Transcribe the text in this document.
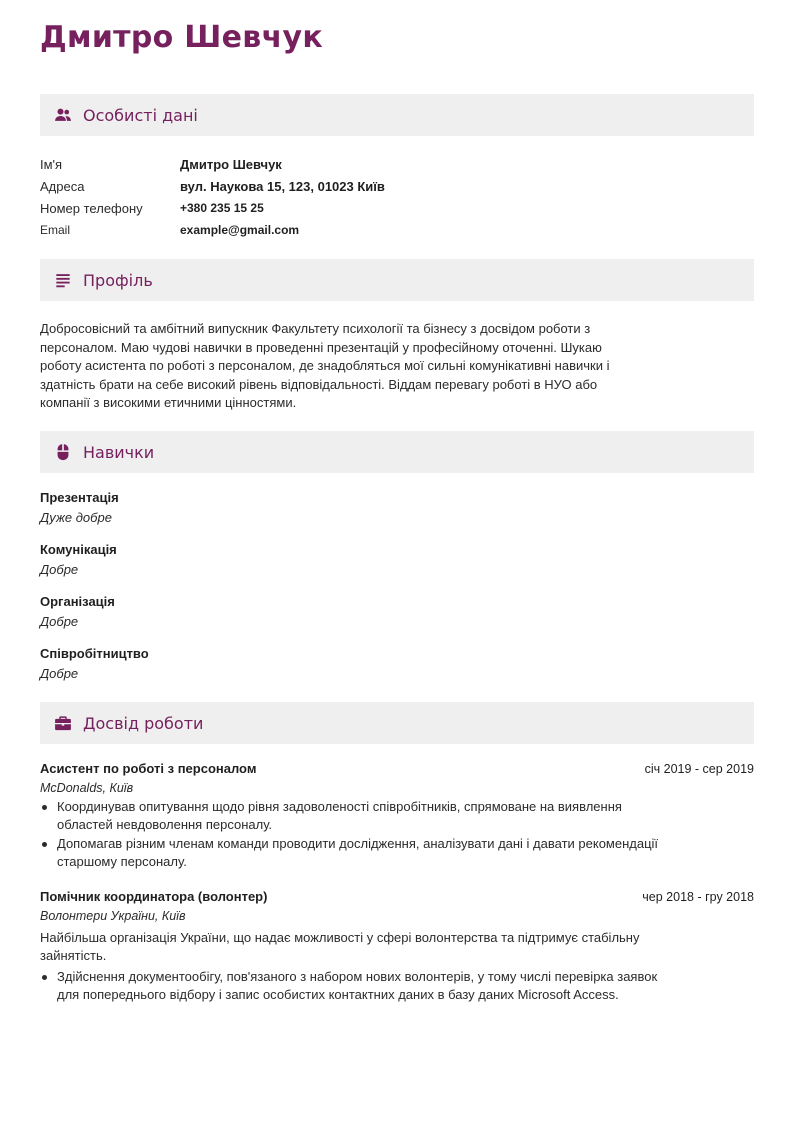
Дмитро Шевчук
Особисті дані
Ім'я	Дмитро Шевчук
Адреса	вул. Наукова 15, 123, 01023 Київ
Номер телефону	+380 235 15 25
Email	example@gmail.com
Профіль
Добросовісний та амбітний випускник Факультету психології та бізнесу з досвідом роботи з персоналом. Маю чудові навички в проведенні презентацій у професійному оточенні. Шукаю роботу асистента по роботі з персоналом, де знадобляться мої сильні комунікативні навички і здатність брати на себе високий рівень відповідальності. Віддам перевагу роботі в НУО або компанії з високими етичними цінностями.
Навички
Презентація
Дуже добре
Комунікація
Добре
Організація
Добре
Співробітництво
Добре
Досвід роботи
Асистент по роботі з персоналом	січ 2019 - сер 2019
McDonalds, Київ
Координував опитування щодо рівня задоволеності співробітників, спрямоване на виявлення областей невдоволення персоналу.
Допомагав різним членам команди проводити дослідження, аналізувати дані і давати рекомендації старшому персоналу.
Помічник координатора (волонтер)	чер 2018 - гру 2018
Волонтери України, Київ
Найбільша організація України, що надає можливості у сфері волонтерства та підтримує стабільну зайнятість.
Здійснення документообігу, пов'язаного з набором нових волонтерів, у тому числі перевірка заявок для попереднього відбору і запис особистих контактних даних в базу даних Microsoft Access.
